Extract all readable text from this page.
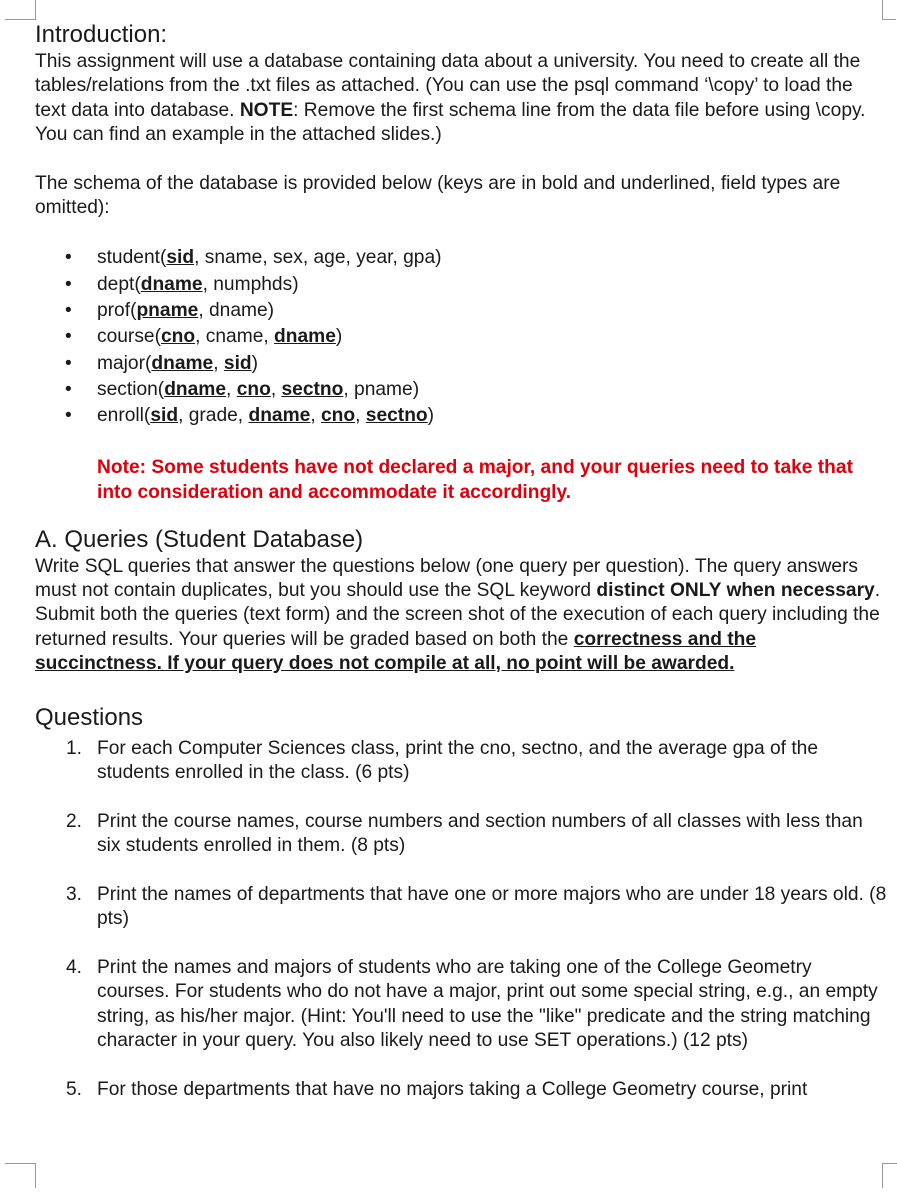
Introduction:

This assignment will use a database containing data about a university. You need to create all the tables/relations from the .txt files as attached. (You can use the psql command ‘\copy’ to load the text data into database. NOTE: Remove the first schema line from the data file before using \copy. You can find an example in the attached slides.)

The schema of the database is provided below (keys are in bold and underlined, field types are omitted):

• student(sid, sname, sex, age, year, gpa)
• dept(dname, numphds)
• prof(pname, dname)
• course(cno, cname, dname)
• major(dname, sid)
• section(dname, cno, sectno, pname)
• enroll(sid, grade, dname, cno, sectno)

Note: Some students have not declared a major, and your queries need to take that into consideration and accommodate it accordingly.

A. Queries (Student Database)

Write SQL queries that answer the questions below (one query per question). The query answers must not contain duplicates, but you should use the SQL keyword distinct ONLY when necessary. Submit both the queries (text form) and the screen shot of the execution of each query including the returned results. Your queries will be graded based on both the correctness and the succinctness. If your query does not compile at all, no point will be awarded.

Questions
1. For each Computer Sciences class, print the cno, sectno, and the average gpa of the students enrolled in the class. (6 pts)
2. Print the course names, course numbers and section numbers of all classes with less than six students enrolled in them. (8 pts)
3. Print the names of departments that have one or more majors who are under 18 years old. (8 pts)
4. Print the names and majors of students who are taking one of the College Geometry courses. For students who do not have a major, print out some special string, e.g., an empty string, as his/her major. (Hint: You'll need to use the "like" predicate and the string matching character in your query. You also likely need to use SET operations.) (12 pts)
5. For those departments that have no majors taking a College Geometry course, print
